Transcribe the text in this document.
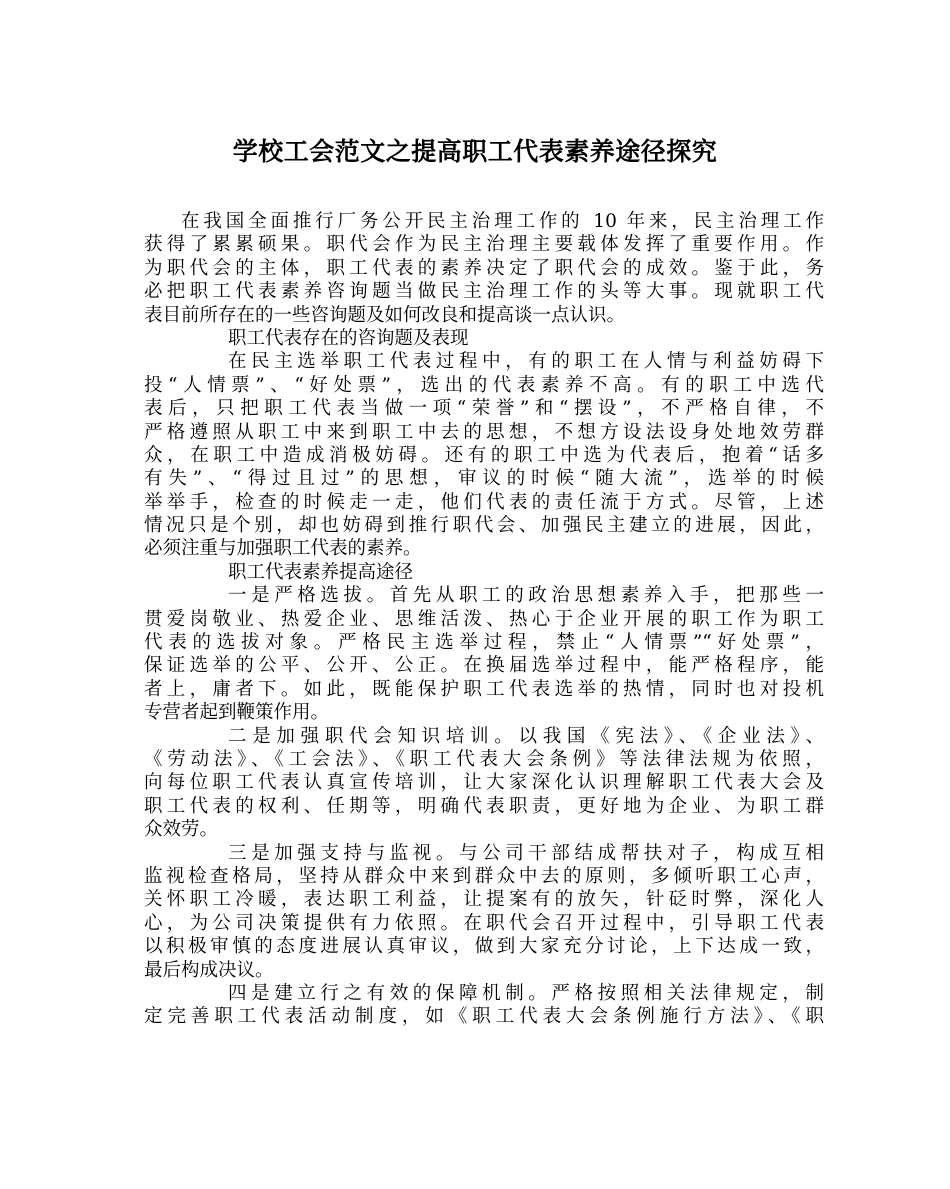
学校工会范文之提高职工代表素养途径探究
在我国全面推行厂务公开民主治理工作的 10 年来，民主治理工作
获得了累累硕果。职代会作为民主治理主要载体发挥了重要作用。作
为职代会的主体，职工代表的素养决定了职代会的成效。鉴于此，务
必把职工代表素养咨询题当做民主治理工作的头等大事。现就职工代
表目前所存在的一些咨询题及如何改良和提高谈一点认识。
职工代表存在的咨询题及表现
在民主选举职工代表过程中，有的职工在人情与利益妨碍下
投“人情票”、“好处票”，选出的代表素养不高。有的职工中选代
表后，只把职工代表当做一项“荣誉”和“摆设”，不严格自律，不
严格遵照从职工中来到职工中去的思想，不想方设法设身处地效劳群
众，在职工中造成消极妨碍。还有的职工中选为代表后，抱着“话多
有失”、“得过且过”的思想，审议的时候“随大流”，选举的时候
举举手，检查的时候走一走，他们代表的责任流于方式。尽管，上述
情况只是个别，却也妨碍到推行职代会、加强民主建立的进展，因此，
必须注重与加强职工代表的素养。
职工代表素养提高途径
一是严格选拔。首先从职工的政治思想素养入手，把那些一
贯爱岗敬业、热爱企业、思维活泼、热心于企业开展的职工作为职工
代表的选拔对象。严格民主选举过程，禁止“人情票”“好处票”，
保证选举的公平、公开、公正。在换届选举过程中，能严格程序，能
者上，庸者下。如此，既能保护职工代表选举的热情，同时也对投机
专营者起到鞭策作用。
二是加强职代会知识培训。以我国《宪法》、《企业法》、
《劳动法》、《工会法》、《职工代表大会条例》等法律法规为依照，
向每位职工代表认真宣传培训，让大家深化认识理解职工代表大会及
职工代表的权利、任期等，明确代表职责，更好地为企业、为职工群
众效劳。
三是加强支持与监视。与公司干部结成帮扶对子，构成互相
监视检查格局，坚持从群众中来到群众中去的原则，多倾听职工心声，
关怀职工冷暖，表达职工利益，让提案有的放矢，针砭时弊，深化人
心，为公司决策提供有力依照。在职代会召开过程中，引导职工代表
以积极审慎的态度进展认真审议，做到大家充分讨论，上下达成一致，
最后构成决议。
四是建立行之有效的保障机制。严格按照相关法律规定，制
定完善职工代表活动制度，如《职工代表大会条例施行方法》、《职
